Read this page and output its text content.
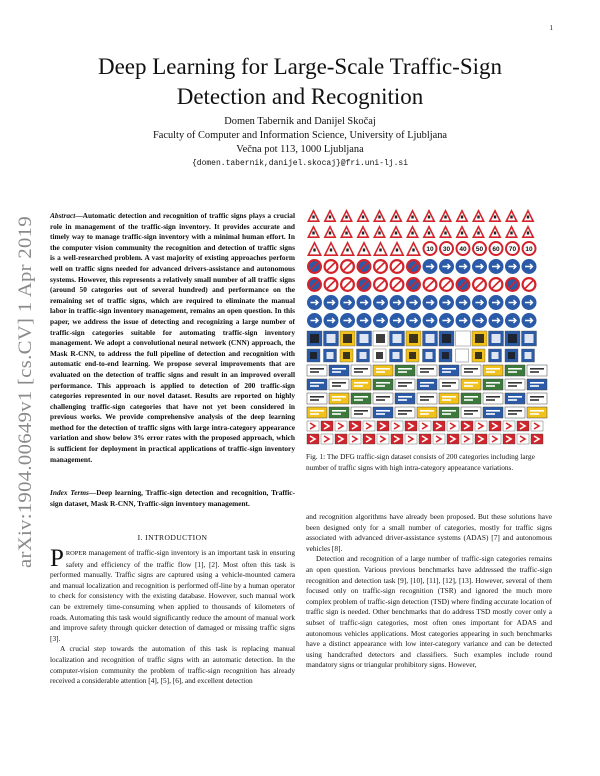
1
arXiv:1904.00649v1 [cs.CV] 1 Apr 2019
Deep Learning for Large-Scale Traffic-Sign
Detection and Recognition
Domen Tabernik and Danijel Skočaj
Faculty of Computer and Information Science, University of Ljubljana
Večna pot 113, 1000 Ljubljana
{domen.tabernik,danijel.skocaj}@fri.uni-lj.si
Abstract—Automatic detection and recognition of traffic signs plays a crucial role in management of the traffic-sign inventory. It provides accurate and timely way to manage traffic-sign inventory with a minimal human effort. In the computer vision community the recognition and detection of traffic signs is a well-researched problem. A vast majority of existing approaches perform well on traffic signs needed for advanced drivers-assistance and autonomous systems. However, this represents a relatively small number of all traffic signs (around 50 categories out of several hundred) and performance on the remaining set of traffic signs, which are required to eliminate the manual labor in traffic-sign inventory management, remains an open question. In this paper, we address the issue of detecting and recognizing a large number of traffic-sign categories suitable for automating traffic-sign inventory management. We adopt a convolutional neural network (CNN) approach, the Mask R-CNN, to address the full pipeline of detection and recognition with automatic end-to-end learning. We propose several improvements that are evaluated on the detection of traffic signs and result in an improved overall performance. This approach is applied to detection of 200 traffic-sign categories represented in our novel dataset. Results are reported on highly challenging traffic-sign categories that have not yet been considered in previous works. We provide comprehensive analysis of the deep learning method for the detection of traffic signs with large intra-category appearance variation and show below 3% error rates with the proposed approach, which is sufficient for deployment in practical applications of traffic-sign inventory management.
Index Terms—Deep learning, Traffic-sign detection and recognition, Traffic-sign dataset, Mask R-CNN, Traffic-sign inventory management.
I. INTRODUCTION

PROPER management of traffic-sign inventory is an important task in ensuring safety and efficiency of the traffic flow [1], [2]. Most often this task is performed manually. Traffic signs are captured using a vehicle-mounted camera and manual localization and recognition is performed off-line by a human operator to check for consistency with the existing database. However, such manual work can be extremely time-consuming when applied to thousands of kilometers of roads. Automating this task would significantly reduce the amount of manual work and improve safety through quicker detection of damaged or missing traffic signs [3].

A crucial step towards the automation of this task is replacing manual localization and recognition of traffic signs with an automatic detection. In the computer-vision community the problem of traffic-sign recognition has already received a considerable attention [4], [5], [6], and excellent detection

10 30 40 50 60 70 10
Fig. 1: The DFG traffic-sign dataset consists of 200 categories including large number of traffic signs with high intra-category appearance variations.

and recognition algorithms have already been proposed. But these solutions have been designed only for a small number of categories, mostly for traffic signs associated with advanced driver-assistance systems (ADAS) [7] and autonomous vehicles [8].

Detection and recognition of a large number of traffic-sign categories remains an open question. Various previous benchmarks have addressed the traffic-sign recognition and detection task [9], [10], [11], [12], [13]. However, several of them focused only on traffic-sign recognition (TSR) and ignored the much more complex problem of traffic-sign detection (TSD) where finding accurate location of traffic sign is needed. Other benchmarks that do address TSD mostly cover only a subset of traffic-sign categories, most often ones important for ADAS and autonomous vehicles applications. Most categories appearing in such benchmarks have a distinct appearance with low inter-category variance and can be detected using handcrafted detectors and classifiers. Such examples include round mandatory signs or triangular prohibitory signs. However,
